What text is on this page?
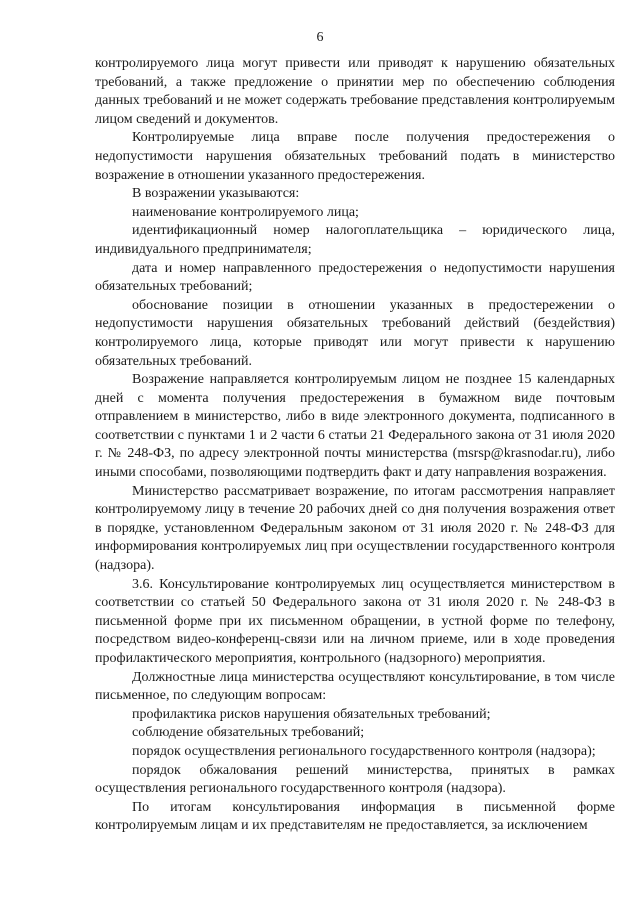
6

контролируемого лица могут привести или приводят к нарушению обязательных требований, а также предложение о принятии мер по обеспечению соблюдения данных требований и не может содержать требование представления контролируемым лицом сведений и документов.

Контролируемые лица вправе после получения предостережения о недопустимости нарушения обязательных требований подать в министерство возражение в отношении указанного предостережения.

В возражении указываются:

наименование контролируемого лица;

идентификационный номер налогоплательщика – юридического лица, индивидуального предпринимателя;

дата и номер направленного предостережения о недопустимости нарушения обязательных требований;

обоснование позиции в отношении указанных в предостережении о недопустимости нарушения обязательных требований действий (бездействия) контролируемого лица, которые приводят или могут привести к нарушению обязательных требований.

Возражение направляется контролируемым лицом не позднее 15 календарных дней с момента получения предостережения в бумажном виде почтовым отправлением в министерство, либо в виде электронного документа, подписанного в соответствии с пунктами 1 и 2 части 6 статьи 21 Федерального закона от 31 июля 2020 г. № 248-ФЗ, по адресу электронной почты министерства (msrsp@krasnodar.ru), либо иными способами, позволяющими подтвердить факт и дату направления возражения.

Министерство рассматривает возражение, по итогам рассмотрения направляет контролируемому лицу в течение 20 рабочих дней со дня получения возражения ответ в порядке, установленном Федеральным законом от 31 июля 2020 г. № 248-ФЗ для информирования контролируемых лиц при осуществлении государственного контроля (надзора).

3.6. Консультирование контролируемых лиц осуществляется министерством в соответствии со статьей 50 Федерального закона от 31 июля 2020 г. № 248-ФЗ в письменной форме при их письменном обращении, в устной форме по телефону, посредством видео-конференц-связи или на личном приеме, или в ходе проведения профилактического мероприятия, контрольного (надзорного) мероприятия.

Должностные лица министерства осуществляют консультирование, в том числе письменное, по следующим вопросам:

профилактика рисков нарушения обязательных требований;

соблюдение обязательных требований;

порядок осуществления регионального государственного контроля (надзора);

порядок обжалования решений министерства, принятых в рамках осуществления регионального государственного контроля (надзора).

По итогам консультирования информация в письменной форме контролируемым лицам и их представителям не предоставляется, за исключением
